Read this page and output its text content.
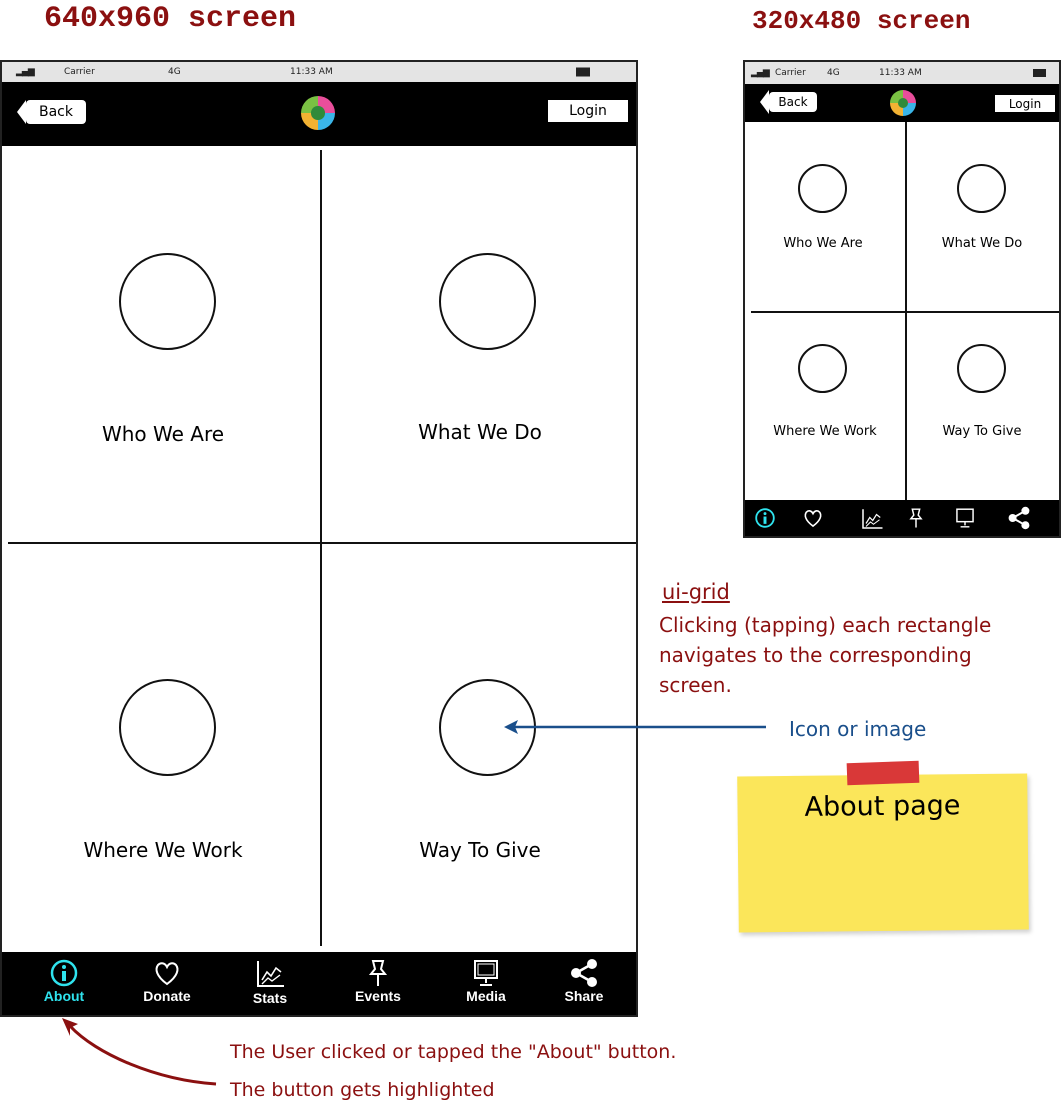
640x960 screen	320x480 screen
▂▄▆	Carrier	4G	11:33 AM
Back	Login
Who We Are	What We Do
Where We Work	Way To Give
About	Donate	Stats	Events	Media	Share
▂▄▆ Carrier 4G	11:33 AM
Back	Login
Who We Are	What We Do
Where We Work	Way To Give
ui-grid
Clicking (tapping) each rectangle
navigates to the corresponding
screen.
Icon or image
About page
The User clicked or tapped the "About" button.
The button gets highlighted
